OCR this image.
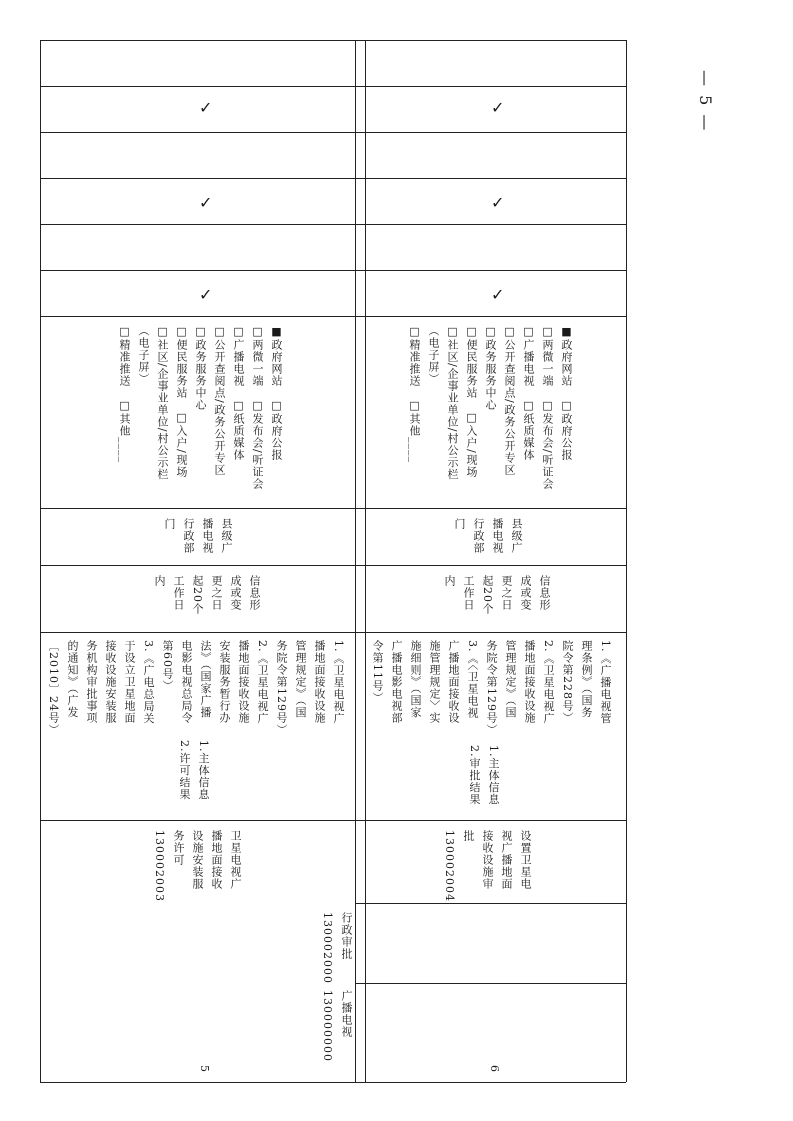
■政府网站　□政府公报
□两微一端　□发布会/听证会
□广播电视　□纸质媒体
□公开查阅点/政务公开专区
□政务服务中心
□便民服务站　□入户/现场
□社区/企事业单位/村公示栏
（电子屏）
□精准推送　□其他____
县级广
播电视
行政部
门
信息形
成或变
更之日
起20个
工作日
内
1.《卫星电视广
播地面接收设施
管理规定》（国
务院令第129号）
2.《卫星电视广
播地面接收设施
安装服务暂行办
法》（国家广播
电影电视总局令
第60号）
3.《广电总局关
于设立卫星地面
接收设施安装服
务机构审批事项
的通知》（广发
〔2010〕24号）
1.主体信息
2.许可结果
卫星电视广
播地面接收
设施安装服
务许可
130002003
行政审批
130002000
广播电视
130000000
5
■政府网站　□政府公报
□两微一端　□发布会/听证会
□广播电视　□纸质媒体
□公开查阅点/政务公开专区
□政务服务中心
□便民服务站　□入户/现场
□社区/企事业单位/村公示栏
（电子屏）
□精准推送　□其他____
县级广
播电视
行政部
门
信息形
成或变
更之日
起20个
工作日
内
1.《广播电视管
理条例》（国务
院令第228号）
2.《卫星电视广
播地面接收设施
管理规定》（国
务院令第129号）
3.《〈卫星电视
广播地面接收设
施管理规定〉实
施细则》（国家
广播电影电视部
令第11号）
1.主体信息
2.审批结果
设置卫星电
视广播地面
接收设施审
批
130002004
6
✓
✓
✓
✓
✓
✓
— 5 —
